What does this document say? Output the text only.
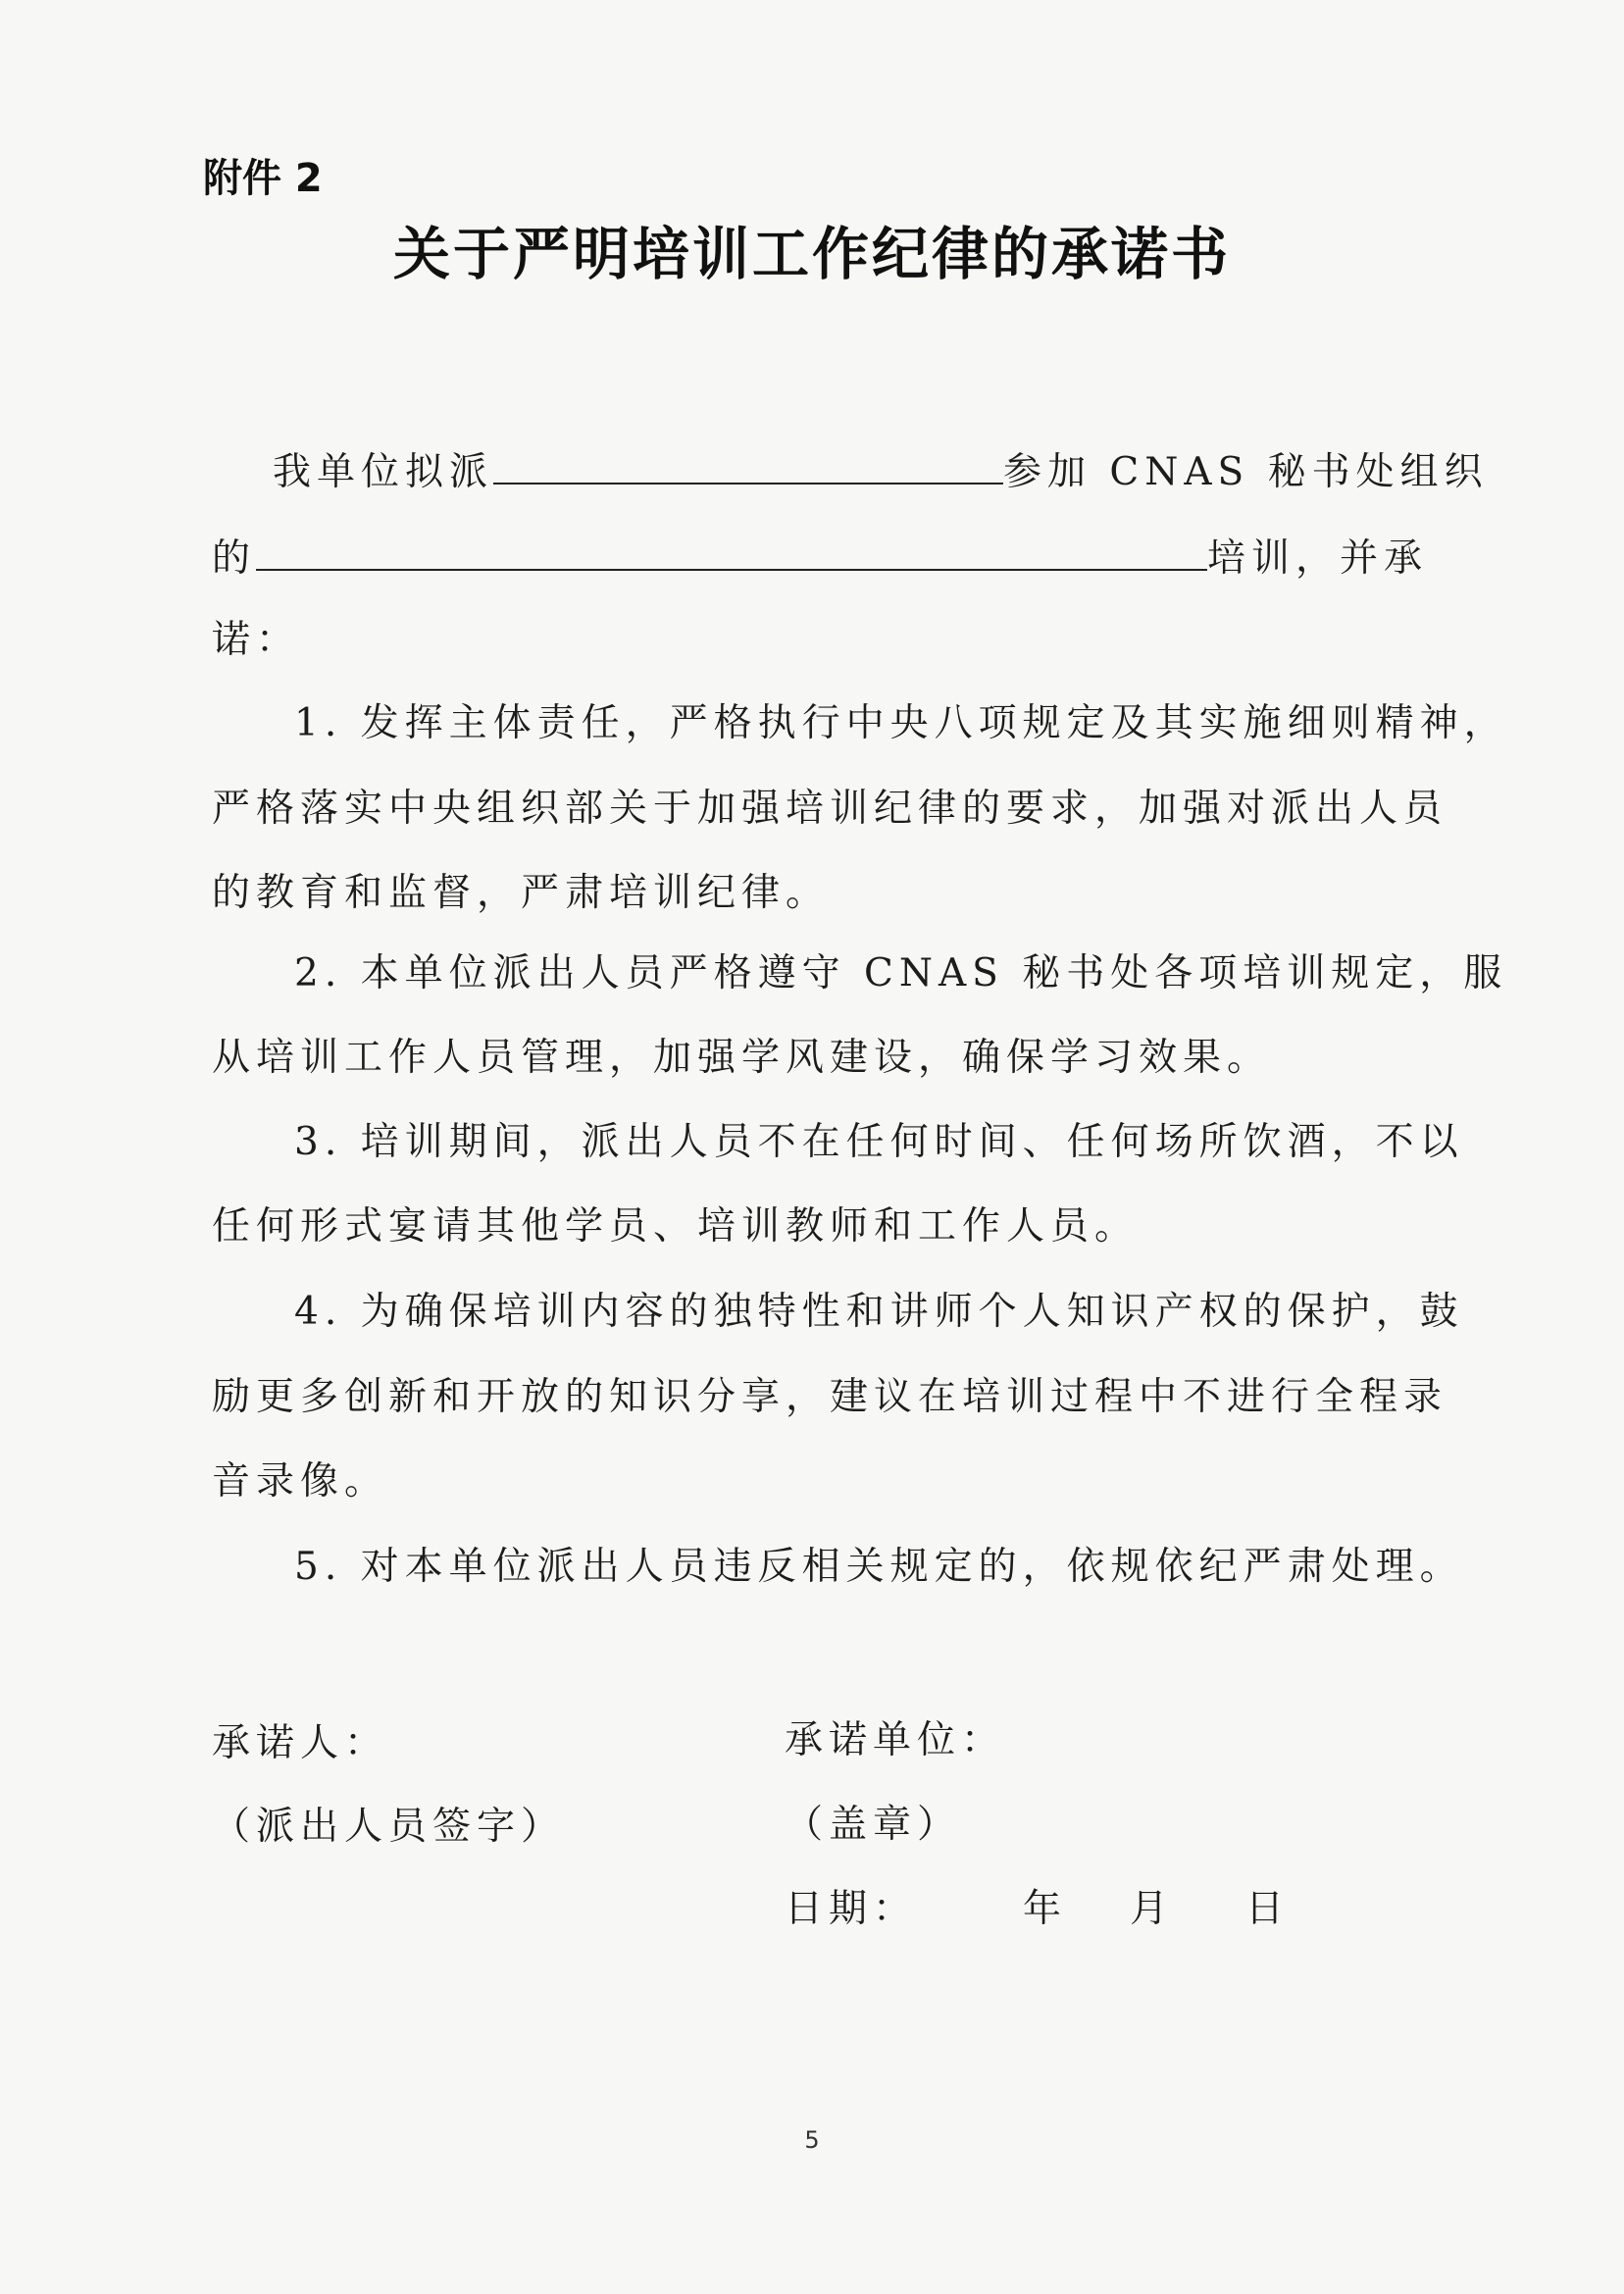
附件 2
关于严明培训工作纪律的承诺书
我单位拟派	参加 CNAS 秘书处组织
的	培训，并承
诺：
1. 发挥主体责任，严格执行中央八项规定及其实施细则精神，
严格落实中央组织部关于加强培训纪律的要求，加强对派出人员
的教育和监督，严肃培训纪律。
2. 本单位派出人员严格遵守 CNAS 秘书处各项培训规定，服
从培训工作人员管理，加强学风建设，确保学习效果。
3. 培训期间，派出人员不在任何时间、任何场所饮酒，不以
任何形式宴请其他学员、培训教师和工作人员。
4. 为确保培训内容的独特性和讲师个人知识产权的保护，鼓
励更多创新和开放的知识分享，建议在培训过程中不进行全程录
音录像。
5. 对本单位派出人员违反相关规定的，依规依纪严肃处理。
承诺人：
（派出人员签字）
承诺单位：
（盖章）
日期：	年 月 日
5
